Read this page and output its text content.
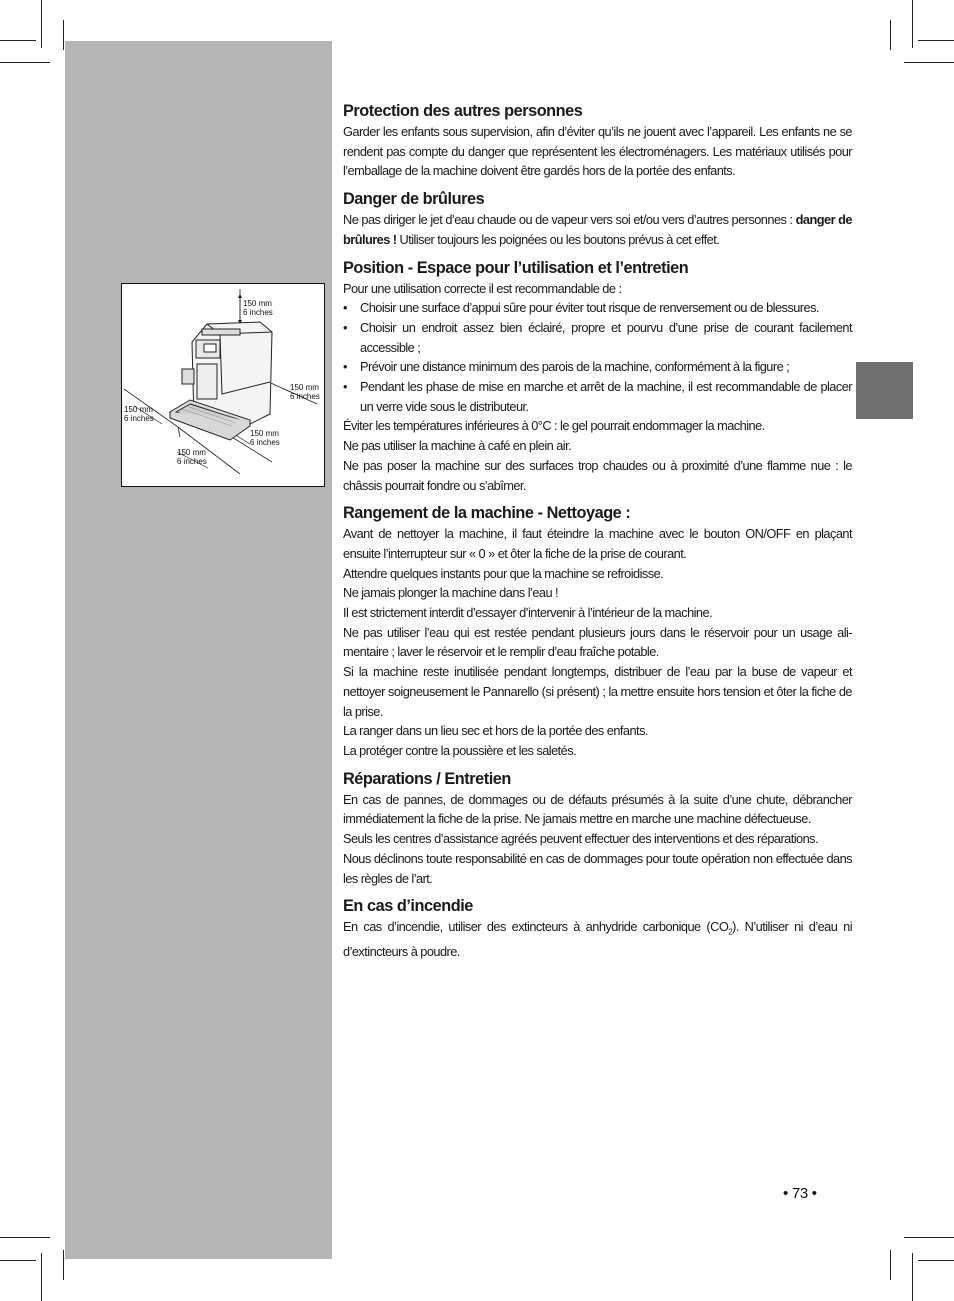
150 mm
6 inches
150 mm
6 inches
150 mm
6 inches
150 mm
6 inches
150 mm
6 inches
Protection des autres personnes

Garder les enfants sous supervision, afin d’éviter qu’ils ne jouent avec l’appareil. Les enfants ne se rendent pas compte du danger que représentent les électroménagers. Les matériaux utilisés pour l’emballage de la machine doivent être gardés hors de la portée des enfants.

Danger de brûlures

Ne pas diriger le jet d’eau chaude ou de vapeur vers soi et/ou vers d’autres personnes : danger de brûlures ! Utiliser toujours les poignées ou les boutons prévus à cet effet.

Position - Espace pour l’utilisation et l’entretien

Pour une utilisation correcte il est recommandable de :

• Choisir une surface d’appui sûre pour éviter tout risque de renversement ou de blessures.
• Choisir un endroit assez bien éclairé, propre et pourvu d’une prise de courant facilement accessible ;
• Prévoir une distance minimum des parois de la machine, conformément à la figure ;
• Pendant les phase de mise en marche et arrêt de la machine, il est recommandable de placer un verre vide sous le distributeur.

Éviter les températures inférieures à 0°C : le gel pourrait endommager la machine.

Ne pas utiliser la machine à café en plein air.

Ne pas poser la machine sur des surfaces trop chaudes ou à proximité d’une flamme nue : le châssis pourrait fondre ou s’abîmer.

Rangement de la machine - Nettoyage :

Avant de nettoyer la machine, il faut éteindre la machine avec le bouton ON/OFF en plaçant ensuite l’interrupteur sur « 0 » et ôter la fiche de la prise de courant.

Attendre quelques instants pour que la machine se refroidisse.

Ne jamais plonger la machine dans l’eau !

Il est strictement interdit d’essayer d’intervenir à l’intérieur de la machine.

Ne pas utiliser l’eau qui est restée pendant plusieurs jours dans le réservoir pour un usage ali-mentaire ; laver le réservoir et le remplir d’eau fraîche potable.

Si la machine reste inutilisée pendant longtemps, distribuer de l’eau par la buse de vapeur et nettoyer soigneusement le Pannarello (si présent) ; la mettre ensuite hors tension et ôter la fiche de la prise.

La ranger dans un lieu sec et hors de la portée des enfants.

La protéger contre la poussière et les saletés.

Réparations / Entretien

En cas de pannes, de dommages ou de défauts présumés à la suite d’une chute, débrancher immédiatement la fiche de la prise. Ne jamais mettre en marche une machine défectueuse.

Seuls les centres d’assistance agréés peuvent effectuer des interventions et des réparations.

Nous déclinons toute responsabilité en cas de dommages pour toute opération non effectuée dans les règles de l’art.

En cas d’incendie

En cas d’incendie, utiliser des extincteurs à anhydride carbonique $(CO_2)$. N’utiliser ni d’eau ni d’extincteurs à poudre.

• 73 •
